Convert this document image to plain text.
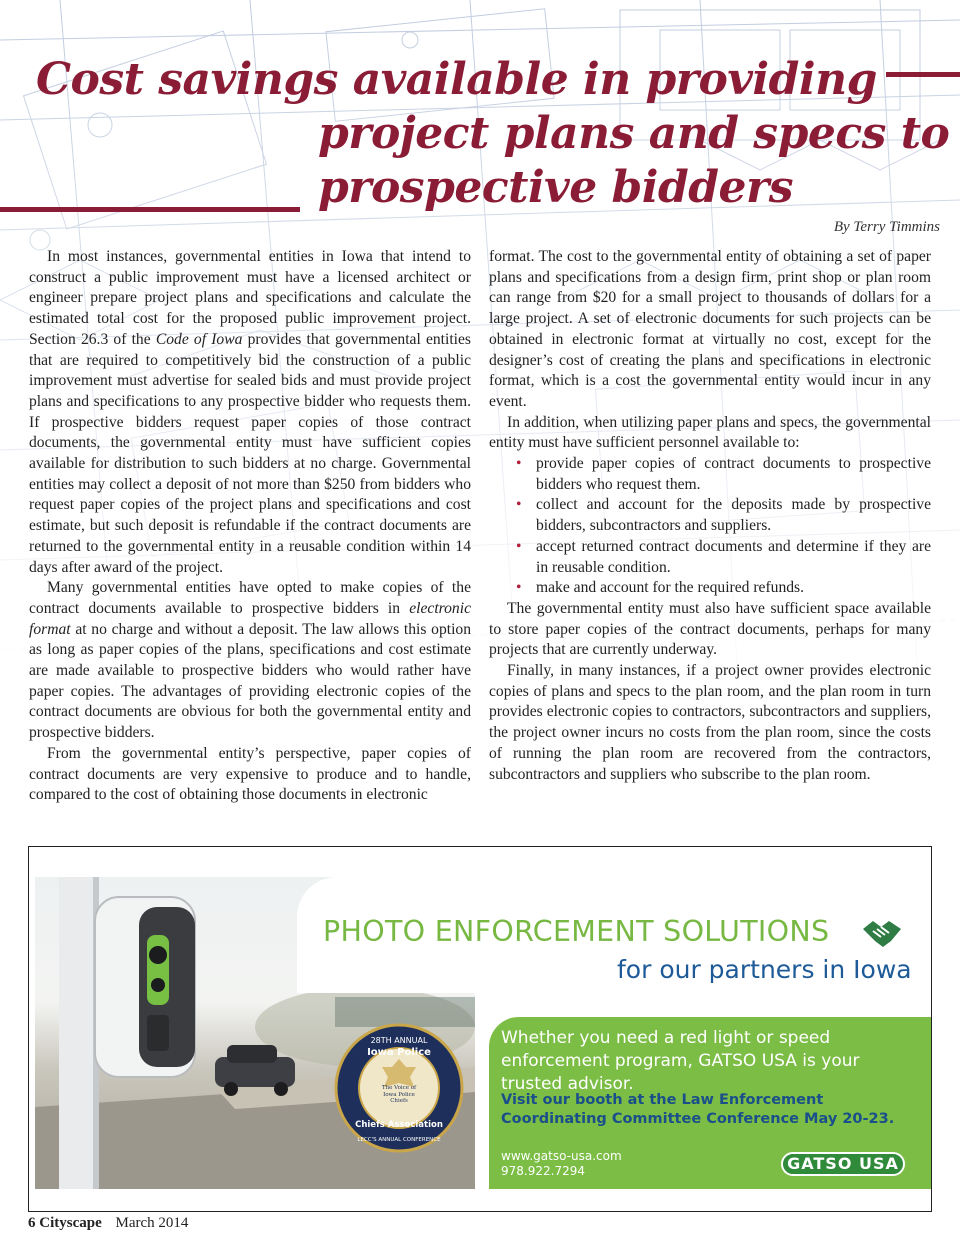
Cost savings available in providing
project plans and specs to
prospective bidders
By Terry Timmins

In most instances, governmental entities in Iowa that intend to construct a public improvement must have a licensed architect or engineer prepare project plans and specifications and calculate the estimated total cost for the proposed public improvement project. Section 26.3 of the Code of Iowa provides that governmental entities that are required to competitively bid the construction of a public improvement must advertise for sealed bids and must provide project plans and specifications to any prospective bidder who requests them. If prospective bidders request paper copies of those contract documents, the governmental entity must have sufficient copies available for distribution to such bidders at no charge. Governmental entities may collect a deposit of not more than $250 from bidders who request paper copies of the project plans and specifications and cost estimate, but such deposit is refundable if the contract documents are returned to the governmental entity in a reusable condition within 14 days after award of the project.

Many governmental entities have opted to make copies of the contract documents available to prospective bidders in electronic format at no charge and without a deposit. The law allows this option as long as paper copies of the plans, specifications and cost estimate are made available to prospective bidders who would rather have paper copies. The advantages of providing electronic copies of the contract documents are obvious for both the governmental entity and prospective bidders.

From the governmental entity’s perspective, paper copies of contract documents are very expensive to produce and to handle, compared to the cost of obtaining those documents in electronic

format. The cost to the governmental entity of obtaining a set of paper plans and specifications from a design firm, print shop or plan room can range from $20 for a small project to thousands of dollars for a large project. A set of electronic documents for such projects can be obtained in electronic format at virtually no cost, except for the designer’s cost of creating the plans and specifications in electronic format, which is a cost the governmental entity would incur in any event.

In addition, when utilizing paper plans and specs, the governmental entity must have sufficient personnel available to:

• provide paper copies of contract documents to prospective bidders who request them.
• collect and account for the deposits made by prospective bidders, subcontractors and suppliers.
• accept returned contract documents and determine if they are in reusable condition.
• make and account for the required refunds.

The governmental entity must also have sufficient space available to store paper copies of the contract documents, perhaps for many projects that are currently underway.

Finally, in many instances, if a project owner provides electronic copies of plans and specs to the plan room, and the plan room in turn provides electronic copies to contractors, subcontractors and suppliers, the project owner incurs no costs from the plan room, since the costs of running the plan room are recovered from the contractors, subcontractors and suppliers who subscribe to the plan room.

PHOTO ENFORCEMENT SOLUTIONS
for our partners in Iowa
Whether you need a red light or speed enforcement program, GATSO USA is your trusted advisor.
Visit our booth at the Law Enforcement Coordinating Committee Conference May 20-23.
www.gatso-usa.com
978.922.7294	GATSO USA
28TH ANNUAL
Iowa Police
Chiefs Association
LECC'S ANNUAL CONFERENCE
The Voice of Iowa Police Chiefs
6 Cityscape March 2014
